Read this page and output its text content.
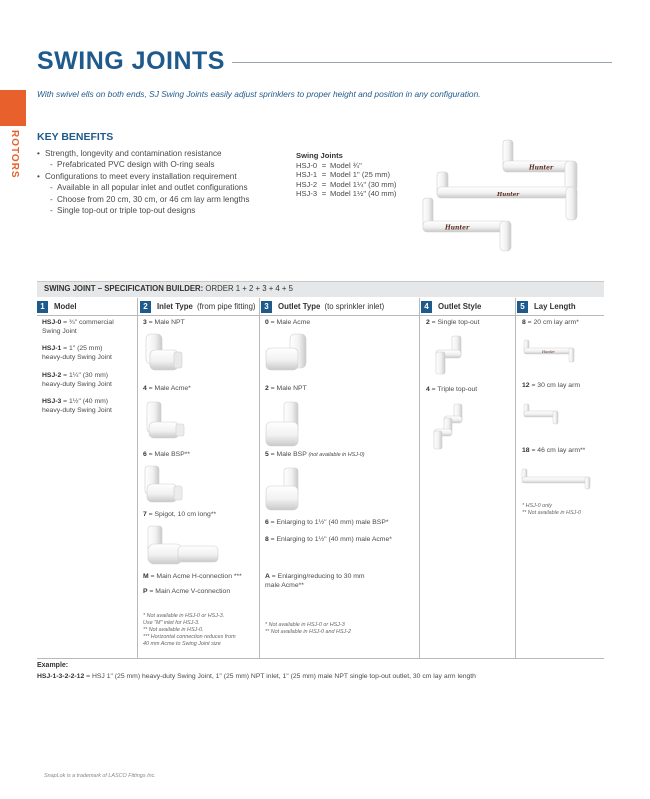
ROTORS
SWING JOINTS
With swivel ells on both ends, SJ Swing Joints easily adjust sprinklers to proper height and position in any configuration.
KEY BENEFITS
• Strength, longevity and contamination resistance
- Prefabricated PVC design with O-ring seals
• Configurations to meet every installation requirement
- Available in all popular inlet and outlet configurations
- Choose from 20 cm, 30 cm, or 46 cm lay arm lengths
- Single top-out or triple top-out designs
Swing Joints
HSJ-0 = Model ¾"
HSJ-1 = Model 1" (25 mm)
HSJ-2 = Model 1¼" (30 mm)
HSJ-3 = Model 1½" (40 mm)
Hunter
Hunter
Hunter
SWING JOINT – SPECIFICATION BUILDER: ORDER 1 + 2 + 3 + 4 + 5
1	Model	2	Inlet Type
(from pipe fitting)	3	Outlet Type
(to sprinkler inlet)	4	Outlet Style	5	Lay Length
HSJ-0 = ¾" commercial
Swing Joint
HSJ-1 = 1" (25 mm)
heavy-duty Swing Joint
HSJ-2 = 1¼" (30 mm)
heavy-duty Swing Joint
HSJ-3 = 1½" (40 mm)
heavy-duty Swing Joint
3 = Male NPT
4 = Male Acme*
6 = Male BSP**
7 = Spigot, 10 cm long**
M = Main Acme H-connection ***
P = Main Acme V-connection
* Not available in HSJ-0 or HSJ-3.
Use "M" inlet for HSJ-3.
** Not available in HSJ-0.
*** Horizontal connection reduces from
40 mm Acme to Swing Joint size
0 = Male Acme
2 = Male NPT
5 = Male BSP (not available in HSJ-0)
6 = Enlarging to 1½" (40 mm) male BSP*
8 = Enlarging to 1½" (40 mm) male Acme*
A = Enlarging/reducing to 30 mm
male Acme**
* Not available in HSJ-0 or HSJ-3
** Not available in HSJ-0 and HSJ-2
2 = Single top-out
4 = Triple top-out
8 = 20 cm lay arm*
Hunter
12 = 30 cm lay arm
18 = 46 cm lay arm**
* HSJ-0 only
** Not available in HSJ-0
Example:
HSJ-1-3-2-2-12 = HSJ 1" (25 mm) heavy-duty Swing Joint, 1" (25 mm) NPT inlet, 1" (25 mm) male NPT single top-out outlet, 30 cm lay arm length
SnapLok is a trademark of LASCO Fittings Inc.
